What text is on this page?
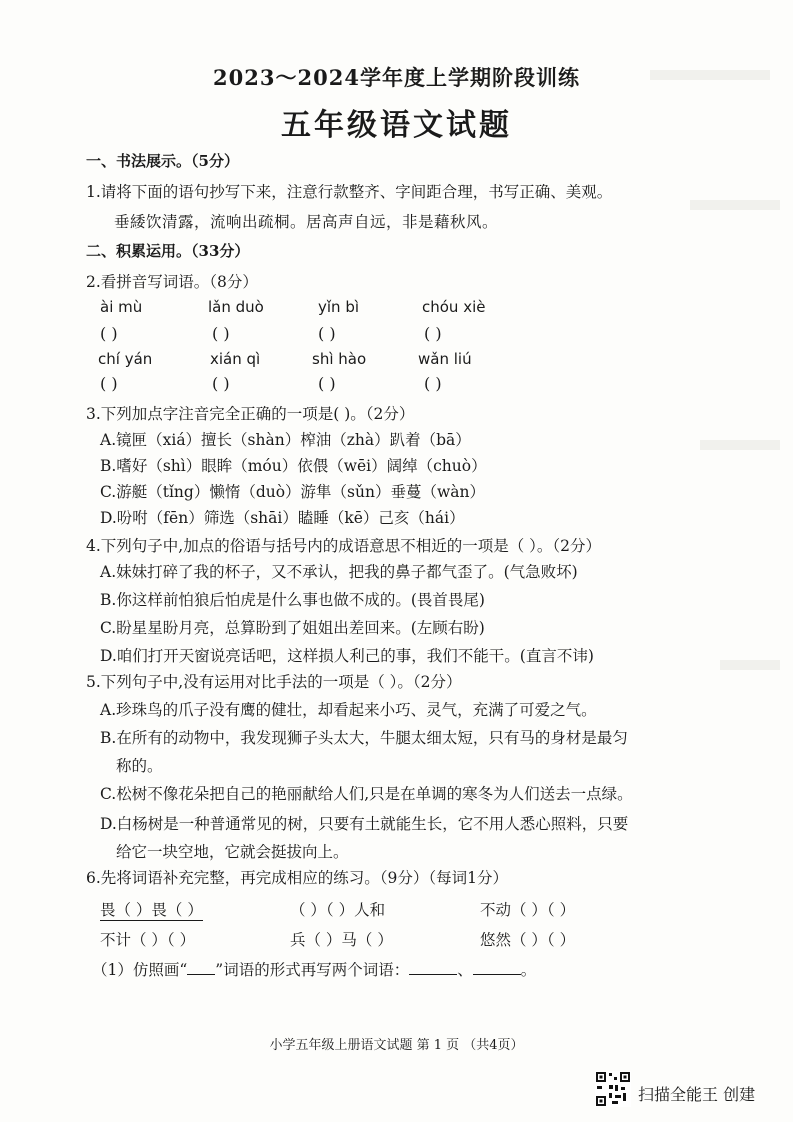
2023～2024学年度上学期阶段训练
五年级语文试题
一、书法展示。（5分）
1.请将下面的语句抄写下来，注意行款整齐、字间距合理，书写正确、美观。
垂緌饮清露，流响出疏桐。居高声自远，非是藉秋风。
二、积累运用。（33分）
2.看拼音写词语。（8分）
ài mù	lǎn duò	yǐn bì	chóu xiè
( )	( )	( )	( )
chí yán	xián qì	shì hào	wǎn liú
( )	( )	( )	( )
3.下列加点字注音完全正确的一项是( )。（2分）
A.镜匣（xiá）擅长（shàn）榨油（zhà）趴着（bā）
B.嗜好（shì）眼眸（móu）依偎（wēi）阔绰（chuò）
C.游艇（tǐng）懒惰（duò）游隼（sǔn）垂蔓（wàn）
D.吩咐（fēn）筛选（shāi）瞌睡（kē）己亥（hái）
4.下列句子中,加点的俗语与括号内的成语意思不相近的一项是（ ）。（2分）
A.妹妹打碎了我的杯子，又不承认，把我的鼻子都气歪了。(气急败坏)
B.你这样前怕狼后怕虎是什么事也做不成的。(畏首畏尾)
C.盼星星盼月亮，总算盼到了姐姐出差回来。(左顾右盼)
D.咱们打开天窗说亮话吧，这样损人利己的事，我们不能干。(直言不讳)
5.下列句子中,没有运用对比手法的一项是（ ）。（2分）
A.珍珠鸟的爪子没有鹰的健壮，却看起来小巧、灵气，充满了可爱之气。
B.在所有的动物中，我发现狮子头太大，牛腿太细太短，只有马的身材是最匀
称的。
C.松树不像花朵把自己的艳丽献给人们,只是在单调的寒冬为人们送去一点绿。
D.白杨树是一种普通常见的树，只要有土就能生长，它不用人悉心照料，只要
给它一块空地，它就会挺拔向上。
6.先将词语补充完整，再完成相应的练习。（9分）（每词1分）
畏（ ）畏（ ）	（ ）（ ）人和	不动（ ）（ ）
不计（ ）（ ）	兵（ ）马（ ）	悠然（ ）（ ）
（1）仿照画“ ”词语的形式再写两个词语：	、	。
小学五年级上册语文试题 第 1 页 （共4页）
扫描全能王 创建
